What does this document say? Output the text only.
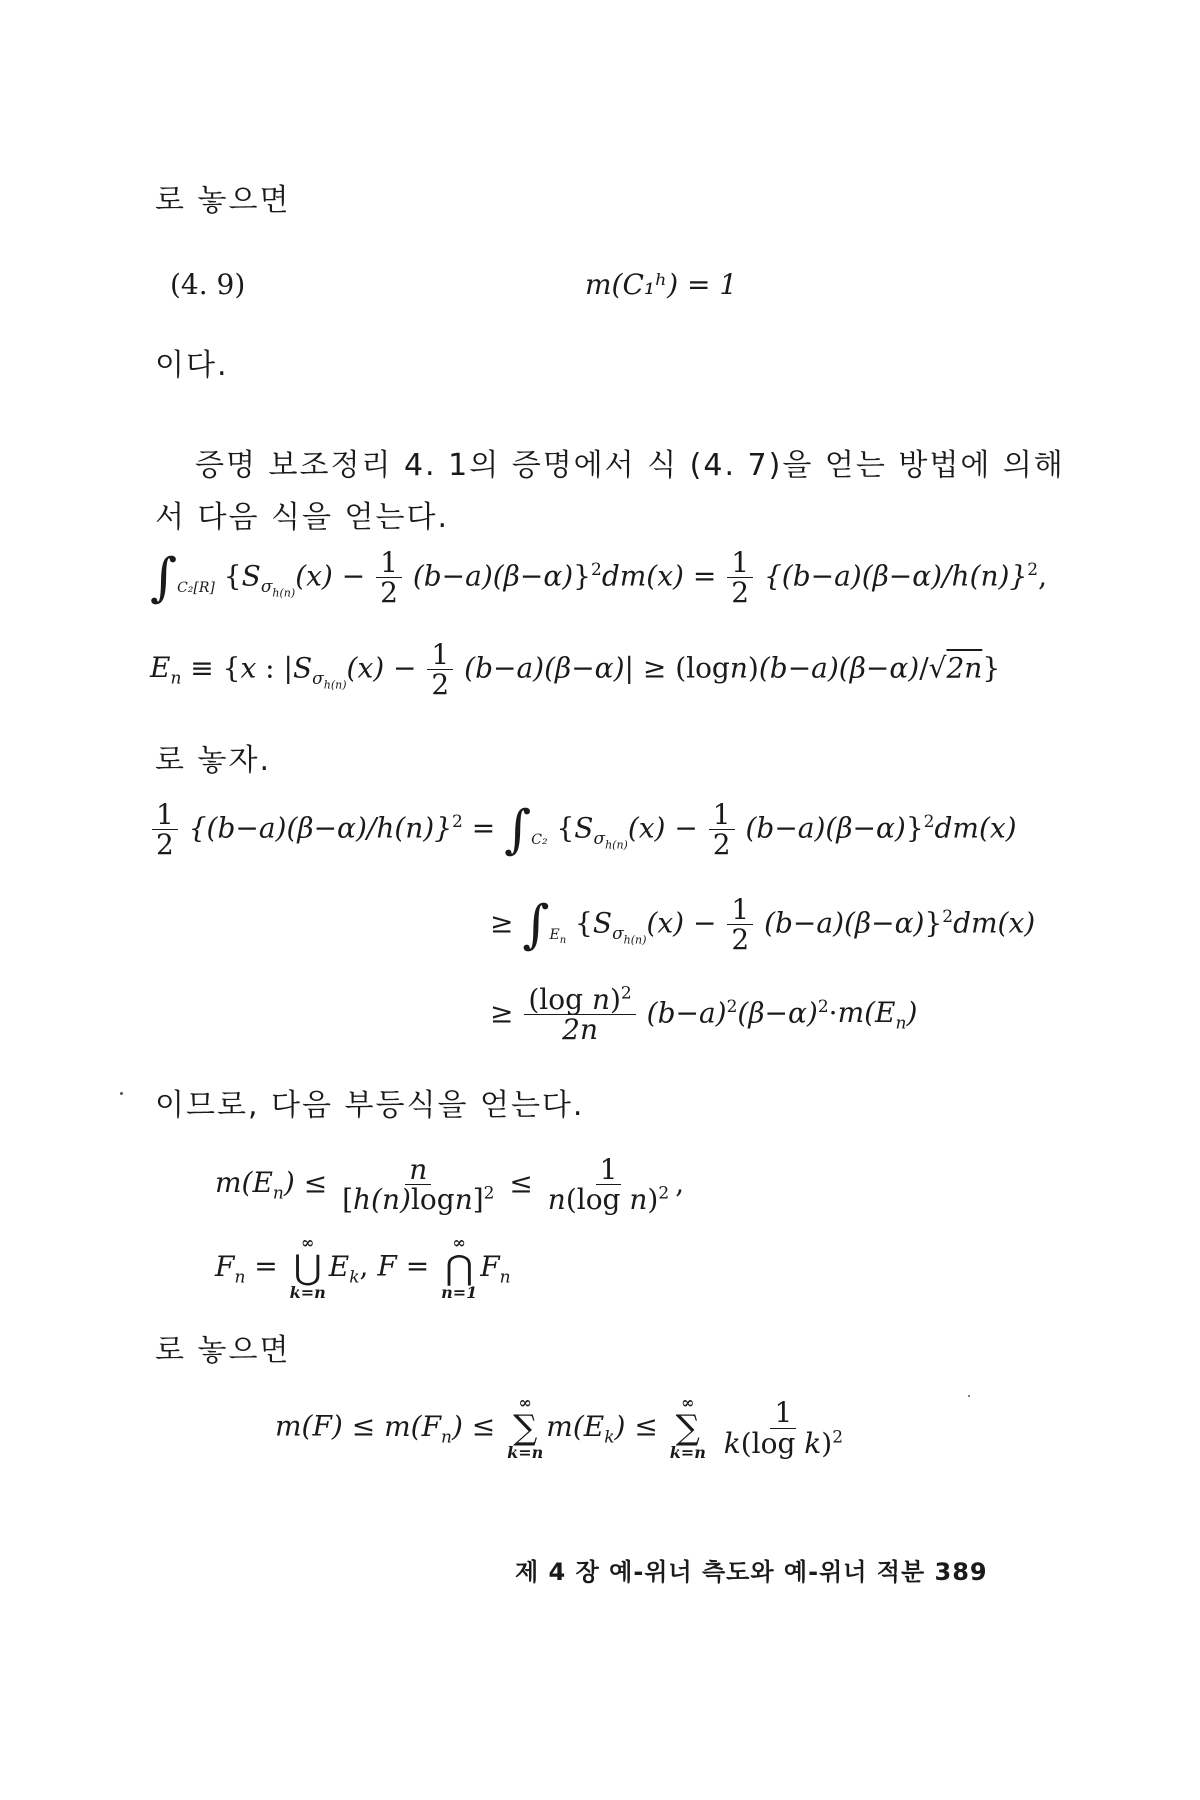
로 놓으면
(4. 9)	m(C₁ʰ) = 1
이다.
증명 보조정리 4. 1의 증명에서 식 (4. 7)을 얻는 방법에 의해
서 다음 식을 얻는다.
$\int_{C_2[R]}$ $\{S_{\sigma_{h(n)}}(x) - \frac{1}{2} (b-a)(\beta-\alpha)\}^2dm(x) = \frac{1}{2} \{(b-a)(\beta-\alpha)/h(n)\}^2$,
$E_n \equiv \{x$ : $|S_{\sigma_{h(n)}}(x) - \frac{1}{2} (b-a)(\beta-\alpha)| \ge (\log n)(b-a)(\beta-\alpha)/√2n$}
로 놓자.
$\frac{1}{2} \{(b-a)(\beta-\alpha)/h(n)\}^2 = \int_{C_2}$ $\{S_{\sigma_{h(n)}}(x) - \frac{1}{2} (b-a)(\beta-\alpha)\}^2dm(x)$
≥ $\int_{E_n}$ $\{S_{\sigma_{h(n)}}(x) - \frac{1}{2} (b-a)(\beta-\alpha)\}^2dm(x)$
≥ $\frac{(\log n)^2}{2n} (b-a)^2(\beta-\alpha)^2\cdot m(E_n)$
이므로, 다음 부등식을 얻는다.
$m(E_n) \le \frac{n}{[h(n)\log n]^2} \le \frac{1}{n(\log n)^2}$ ,
$F_n$ =
∞
⋃
k=n
$E_k$, F =
∞
⋂
n=1
$F_n$
로 놓으면
$m(F) \le m(F_n)$ ≤
∞
∑
k=n
$m(E_k)$ ≤
∞
∑
k=n
$\frac{1}{k(\log k)^2}$
제 4 장 예-위너 측도와 예-위너 적분 389
